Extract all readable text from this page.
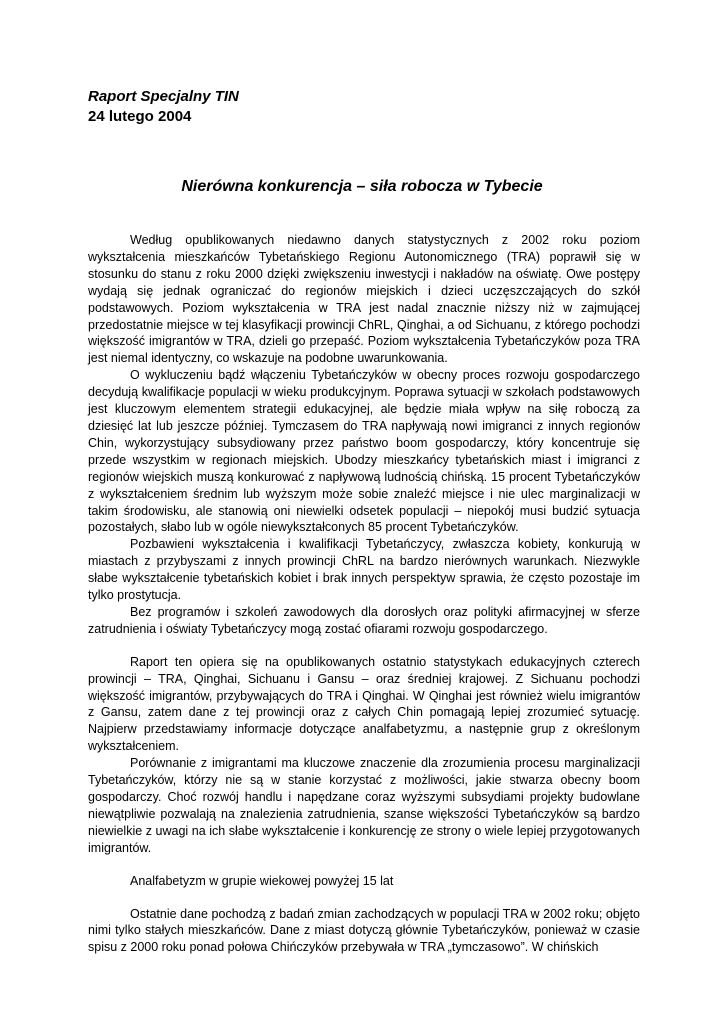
Raport Specjalny TIN
24 lutego 2004
Nierówna konkurencja – siła robocza w Tybecie

Według opublikowanych niedawno danych statystycznych z 2002 roku poziom wykształcenia mieszkańców Tybetańskiego Regionu Autonomicznego (TRA) poprawił się w stosunku do stanu z roku 2000 dzięki zwiększeniu inwestycji i nakładów na oświatę. Owe postępy wydają się jednak ograniczać do regionów miejskich i dzieci uczęszczających do szkół podstawowych. Poziom wykształcenia w TRA jest nadal znacznie niższy niż w zajmującej przedostatnie miejsce w tej klasyfikacji prowincji ChRL, Qinghai, a od Sichuanu, z którego pochodzi większość imigrantów w TRA, dzieli go przepaść. Poziom wykształcenia Tybetańczyków poza TRA jest niemal identyczny, co wskazuje na podobne uwarunkowania.

O wykluczeniu bądź włączeniu Tybetańczyków w obecny proces rozwoju gospodarczego decydują kwalifikacje populacji w wieku produkcyjnym. Poprawa sytuacji w szkołach podstawowych jest kluczowym elementem strategii edukacyjnej, ale będzie miała wpływ na siłę roboczą za dziesięć lat lub jeszcze później. Tymczasem do TRA napływają nowi imigranci z innych regionów Chin, wykorzystujący subsydiowany przez państwo boom gospodarczy, który koncentruje się przede wszystkim w regionach miejskich. Ubodzy mieszkańcy tybetańskich miast i imigranci z regionów wiejskich muszą konkurować z napływową ludnością chińską. 15 procent Tybetańczyków z wykształceniem średnim lub wyższym może sobie znaleźć miejsce i nie ulec marginalizacji w takim środowisku, ale stanowią oni niewielki odsetek populacji – niepokój musi budzić sytuacja pozostałych, słabo lub w ogóle niewykształconych 85 procent Tybetańczyków.

Pozbawieni wykształcenia i kwalifikacji Tybetańczycy, zwłaszcza kobiety, konkurują w miastach z przybyszami z innych prowincji ChRL na bardzo nierównych warunkach. Niezwykle słabe wykształcenie tybetańskich kobiet i brak innych perspektyw sprawia, że często pozostaje im tylko prostytucja.

Bez programów i szkoleń zawodowych dla dorosłych oraz polityki afirmacyjnej w sferze zatrudnienia i oświaty Tybetańczycy mogą zostać ofiarami rozwoju gospodarczego.

Raport ten opiera się na opublikowanych ostatnio statystykach edukacyjnych czterech prowincji – TRA, Qinghai, Sichuanu i Gansu – oraz średniej krajowej. Z Sichuanu pochodzi większość imigrantów, przybywających do TRA i Qinghai. W Qinghai jest również wielu imigrantów z Gansu, zatem dane z tej prowincji oraz z całych Chin pomagają lepiej zrozumieć sytuację. Najpierw przedstawiamy informacje dotyczące analfabetyzmu, a następnie grup z określonym wykształceniem.

Porównanie z imigrantami ma kluczowe znaczenie dla zrozumienia procesu marginalizacji Tybetańczyków, którzy nie są w stanie korzystać z możliwości, jakie stwarza obecny boom gospodarczy. Choć rozwój handlu i napędzane coraz wyższymi subsydiami projekty budowlane niewątpliwie pozwalają na znalezienia zatrudnienia, szanse większości Tybetańczyków są bardzo niewielkie z uwagi na ich słabe wykształcenie i konkurencję ze strony o wiele lepiej przygotowanych imigrantów.

Analfabetyzm w grupie wiekowej powyżej 15 lat

Ostatnie dane pochodzą z badań zmian zachodzących w populacji TRA w 2002 roku; objęto nimi tylko stałych mieszkańców. Dane z miast dotyczą głównie Tybetańczyków, ponieważ w czasie spisu z 2000 roku ponad połowa Chińczyków przebywała w TRA „tymczasowo”. W chińskich
